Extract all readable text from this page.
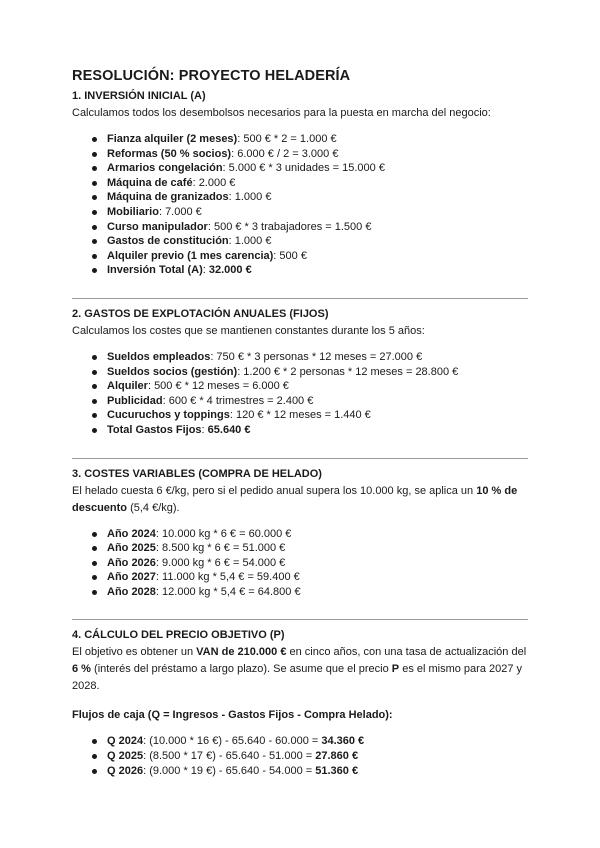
RESOLUCIÓN: PROYECTO HELADERÍA
1. INVERSIÓN INICIAL (A)

Calculamos todos los desembolsos necesarios para la puesta en marcha del negocio:

Fianza alquiler (2 meses): 500 € * 2 = 1.000 €
Reformas (50 % socios): 6.000 € / 2 = 3.000 €
Armarios congelación: 5.000 € * 3 unidades = 15.000 €
Máquina de café: 2.000 €
Máquina de granizados: 1.000 €
Mobiliario: 7.000 €
Curso manipulador: 500 € * 3 trabajadores = 1.500 €
Gastos de constitución: 1.000 €
Alquiler previo (1 mes carencia): 500 €
Inversión Total (A): 32.000 €
2. GASTOS DE EXPLOTACIÓN ANUALES (FIJOS)

Calculamos los costes que se mantienen constantes durante los 5 años:

Sueldos empleados: 750 € * 3 personas * 12 meses = 27.000 €
Sueldos socios (gestión): 1.200 € * 2 personas * 12 meses = 28.800 €
Alquiler: 500 € * 12 meses = 6.000 €
Publicidad: 600 € * 4 trimestres = 2.400 €
Cucuruchos y toppings: 120 € * 12 meses = 1.440 €
Total Gastos Fijos: 65.640 €
3. COSTES VARIABLES (COMPRA DE HELADO)

El helado cuesta 6 €/kg, pero si el pedido anual supera los 10.000 kg, se aplica un 10 % de descuento (5,4 €/kg).

Año 2024: 10.000 kg * 6 € = 60.000 €
Año 2025: 8.500 kg * 6 € = 51.000 €
Año 2026: 9.000 kg * 6 € = 54.000 €
Año 2027: 11.000 kg * 5,4 € = 59.400 €
Año 2028: 12.000 kg * 5,4 € = 64.800 €
4. CÁLCULO DEL PRECIO OBJETIVO (P)

El objetivo es obtener un VAN de 210.000 € en cinco años, con una tasa de actualización del 6 % (interés del préstamo a largo plazo). Se asume que el precio P es el mismo para 2027 y 2028.

Flujos de caja (Q = Ingresos - Gastos Fijos - Compra Helado):

Q 2024: (10.000 * 16 €) - 65.640 - 60.000 = 34.360 €
Q 2025: (8.500 * 17 €) - 65.640 - 51.000 = 27.860 €
Q 2026: (9.000 * 19 €) - 65.640 - 54.000 = 51.360 €
